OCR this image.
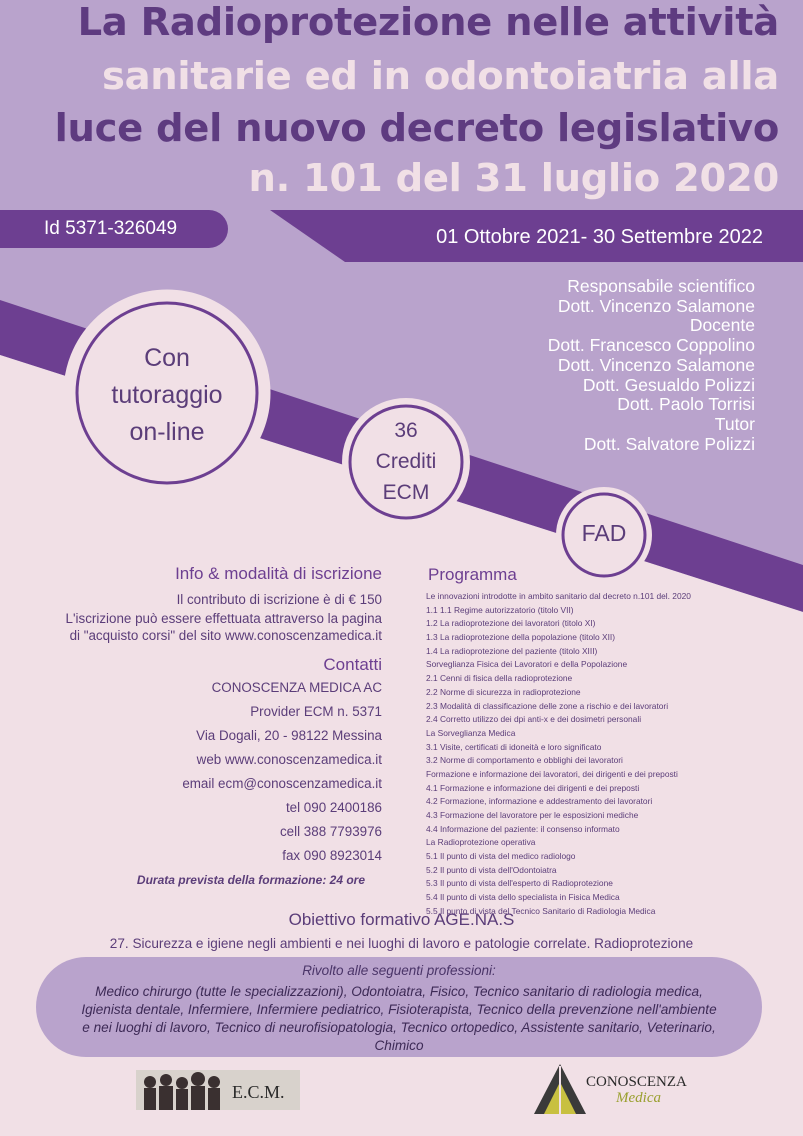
La Radioprotezione nelle attività
sanitarie ed in odontoiatria alla
luce del nuovo decreto legislativo
n. 101 del 31 luglio 2020
Id 5371-326049	01 Ottobre 2021- 30 Settembre 2022
Responsabile scientifico
Dott. Vincenzo Salamone
Docente
Dott. Francesco Coppolino
Dott. Vincenzo Salamone
Dott. Gesualdo Polizzi
Dott. Paolo Torrisi
Tutor
Dott. Salvatore Polizzi
Con
tutoraggio
on-line	36
Crediti
ECM
FAD
Info & modalità di iscrizione
Il contributo di iscrizione è di € 150
L'iscrizione può essere effettuata attraverso la pagina
di "acquisto corsi" del sito www.conoscenzamedica.it
Contatti
CONOSCENZA MEDICA AC
Provider ECM n. 5371
Via Dogali, 20 - 98122 Messina
web www.conoscenzamedica.it
email ecm@conoscenzamedica.it
tel 090 2400186
cell 388 7793976
fax 090 8923014
Durata prevista della formazione: 24 ore
Programma
Le innovazioni introdotte in ambito sanitario dal decreto n.101 del. 2020
1.1 1.1 Regime autorizzatorio (titolo VII)
1.2 La radioprotezione dei lavoratori (titolo XI)
1.3 La radioprotezione della popolazione (titolo XII)
1.4 La radioprotezione del paziente (titolo XIII)
Sorveglianza Fisica dei Lavoratori e della Popolazione
2.1 Cenni di fisica della radioprotezione
2.2 Norme di sicurezza in radioprotezione
2.3 Modalità di classificazione delle zone a rischio e dei lavoratori
2.4 Corretto utilizzo dei dpi anti-x e dei dosimetri personali
La Sorveglianza Medica
3.1 Visite, certificati di idoneità e loro significato
3.2 Norme di comportamento e obblighi dei lavoratori
Formazione e informazione dei lavoratori, dei dirigenti e dei preposti
4.1 Formazione e informazione dei dirigenti e dei preposti
4.2 Formazione, informazione e addestramento dei lavoratori
4.3 Formazione del lavoratore per le esposizioni mediche
4.4 Informazione del paziente: il consenso informato
La Radioprotezione operativa
5.1 Il punto di vista del medico radiologo
5.2 Il punto di vista dell'Odontoiatra
5.3 Il punto di vista dell'esperto di Radioprotezione
5.4 Il punto di vista dello specialista in Fisica Medica
5.5 Il punto di vista del Tecnico Sanitario di Radiologia Medica
Obiettivo formativo AGE.NA.S
27. Sicurezza e igiene negli ambienti e nei luoghi di lavoro e patologie correlate. Radioprotezione
Rivolto alle seguenti professioni:
Medico chirurgo (tutte le specializzazioni), Odontoiatra, Fisico, Tecnico sanitario di radiologia medica, Igienista dentale, Infermiere, Infermiere pediatrico, Fisioterapista, Tecnico della prevenzione nell'ambiente e nei luoghi di lavoro, Tecnico di neurofisiopatologia, Tecnico ortopedico, Assistente sanitario, Veterinario, Chimico
E.C.M.	CONOSCENZA
Medica
